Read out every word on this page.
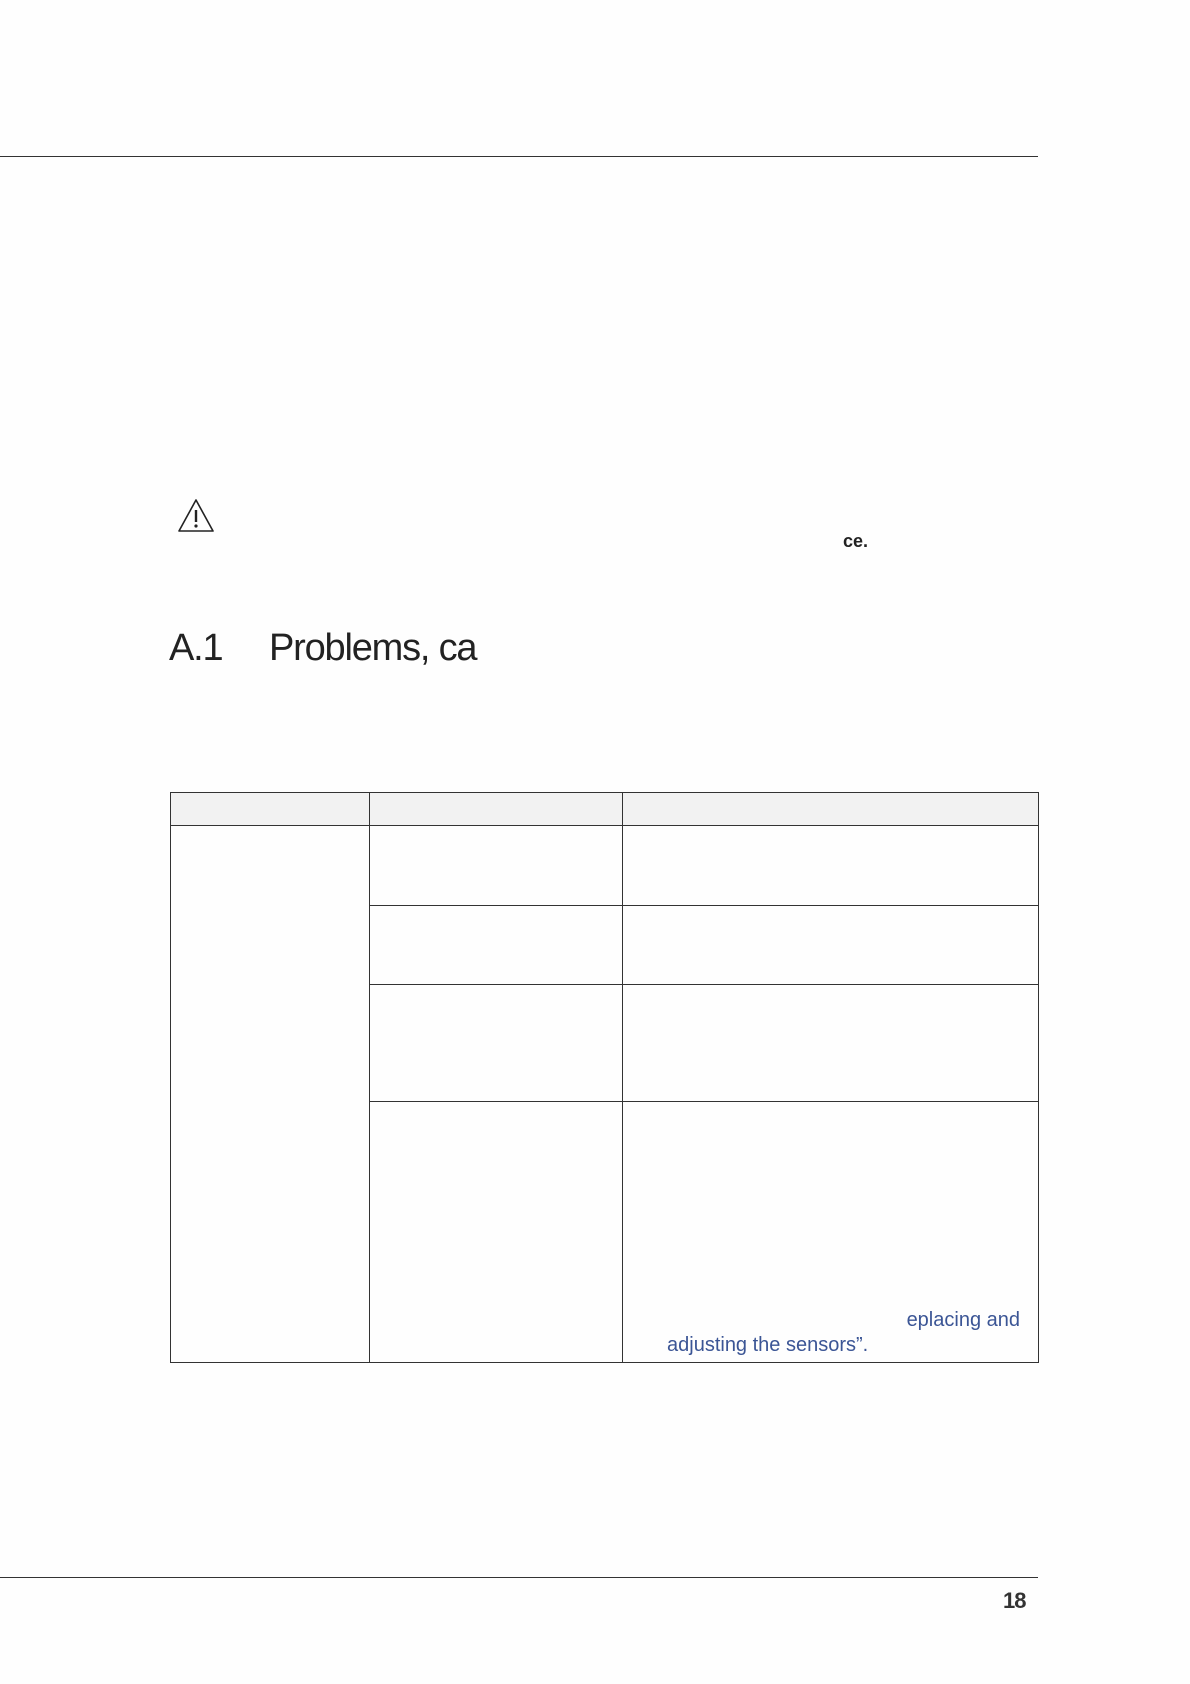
ce.
A.1 Problems, ca

		eplacing and
adjusting the sensors”.
18
